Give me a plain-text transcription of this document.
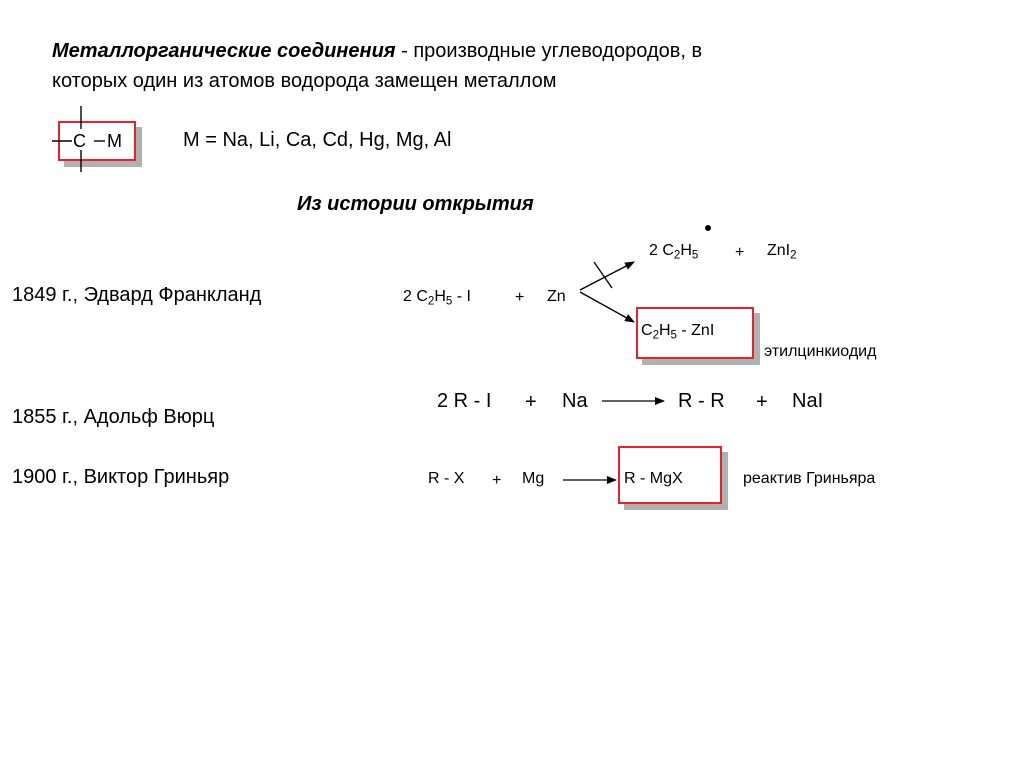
Металлорганические соединения - производные углеводородов, в
которых один из атомов водорода замещен металлом
C M	M = Na, Li, Ca, Cd, Hg, Mg, Al
Из истории открытия
1849 г., Эдвард Франкланд
1855 г., Адольф Вюрц
1900 г., Виктор Гриньяр
2 $C_2H_5$ - I	+ Zn
2 $C_2H_5 + ZnI_2$
$C_2H_5$ - ZnI
этилцинкиодид
2 R - I + Na	R - R + NaI
R - X + Mg	R - MgX	реактив Гриньяра
